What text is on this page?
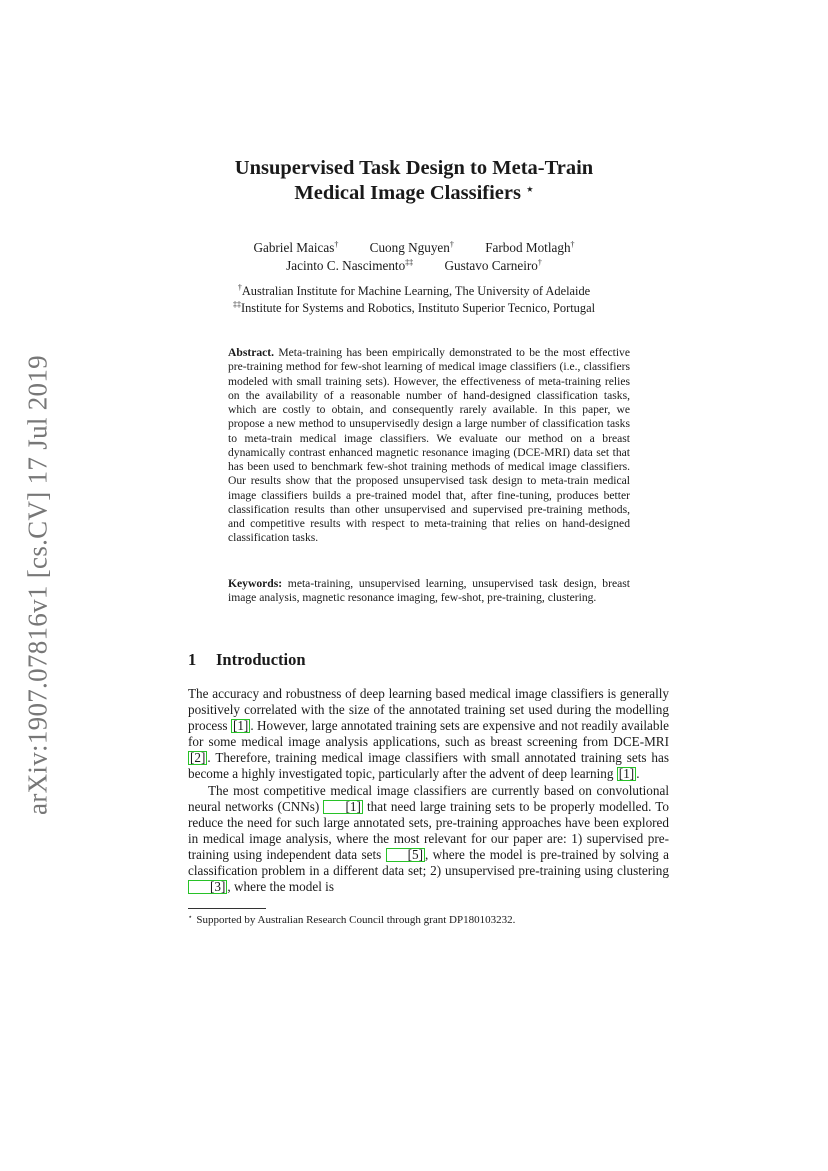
arXiv:1907.07816v1 [cs.CV] 17 Jul 2019
Unsupervised Task Design to Meta-Train
Medical Image Classifiers ⋆
Gabriel Maicas† Cuong Nguyen† Farbod Motlagh†
Jacinto C. Nascimento‡‡ Gustavo Carneiro†
†Australian Institute for Machine Learning, The University of Adelaide
‡‡Institute for Systems and Robotics, Instituto Superior Tecnico, Portugal
Abstract. Meta-training has been empirically demonstrated to be the most effective pre-training method for few-shot learning of medical image classifiers (i.e., classifiers modeled with small training sets). However, the effectiveness of meta-training relies on the availability of a reasonable number of hand-designed classification tasks, which are costly to obtain, and consequently rarely available. In this paper, we propose a new method to unsupervisedly design a large number of classification tasks to meta-train medical image classifiers. We evaluate our method on a breast dynamically contrast enhanced magnetic resonance imaging (DCE-MRI) data set that has been used to benchmark few-shot training methods of medical image classifiers. Our results show that the proposed unsupervised task design to meta-train medical image classifiers builds a pre-trained model that, after fine-tuning, produces better classification results than other unsupervised and supervised pre-training methods, and competitive results with respect to meta-training that relies on hand-designed classification tasks.
Keywords: meta-training, unsupervised learning, unsupervised task design, breast image analysis, magnetic resonance imaging, few-shot, pre-training, clustering.
1 Introduction

The accuracy and robustness of deep learning based medical image classifiers is generally positively correlated with the size of the annotated training set used during the modelling process [1] . However, large annotated training sets are expensive and not readily available for some medical image analysis applications, such as breast screening from DCE-MRI [2] . Therefore, training medical image classifiers with small annotated training sets has become a highly investigated topic, particularly after the advent of deep learning [1] .

The most competitive medical image classifiers are currently based on convolutional neural networks (CNNs) [1] that need large training sets to be properly modelled. To reduce the need for such large annotated sets, pre-training approaches have been explored in medical image analysis, where the most relevant for our paper are: 1) supervised pre-training using independent data sets [5] , where the model is pre-trained by solving a classification problem in a different data set; 2) unsupervised pre-training using clustering [3] , where the model is

⋆ Supported by Australian Research Council through grant DP180103232.
